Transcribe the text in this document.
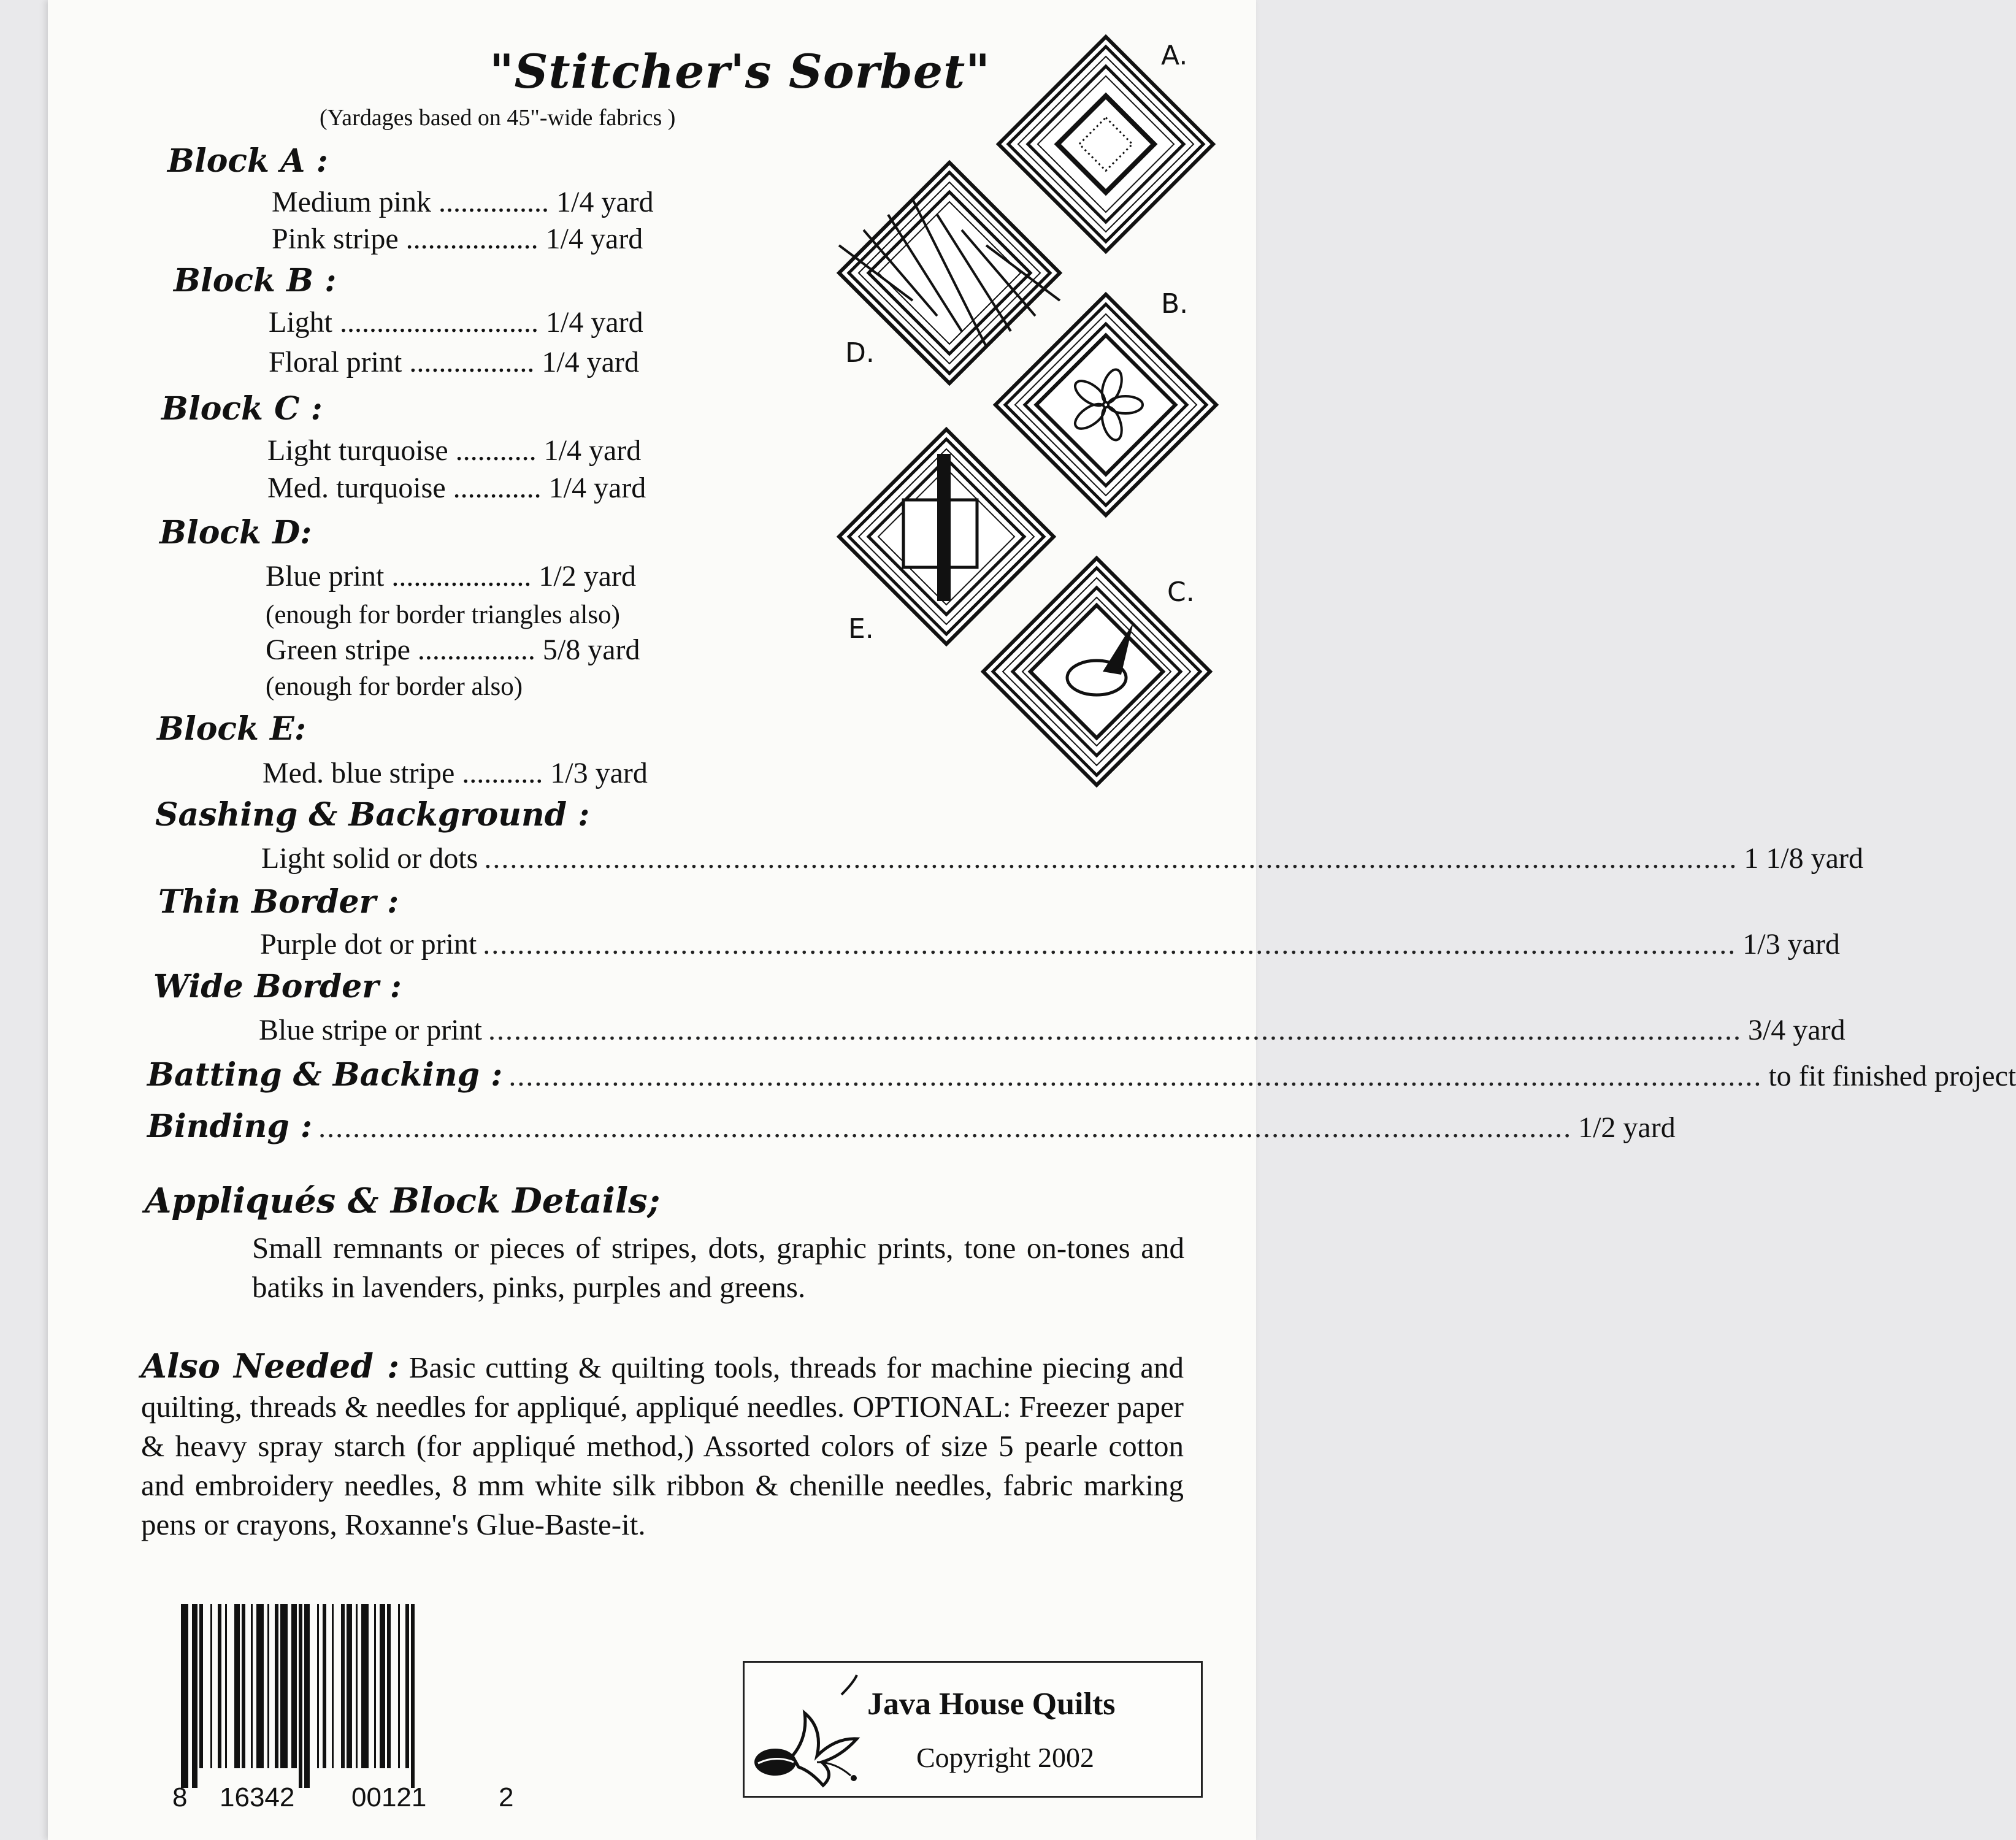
"Stitcher's Sorbet"
(Yardages based on 45"-wide fabrics )
Block A :
Medium pink ............... 1/4 yard
Pink stripe .................. 1/4 yard
Block B :
Light ........................... 1/4 yard
Floral print ................. 1/4 yard
Block C :
Light turquoise ........... 1/4 yard
Med. turquoise ............ 1/4 yard
Block D:
Blue print ................... 1/2 yard
(enough for border triangles also)
Green stripe ................ 5/8 yard
(enough for border also)
Block E:
Med. blue stripe ........... 1/3 yard
Sashing & Background :
Light solid or dots .................................................................................................................................................. 1 1/8 yard
Thin Border :
Purple dot or print .................................................................................................................................................. 1/3 yard
Wide Border :
Blue stripe or print .................................................................................................................................................. 3/4 yard
Batting & Backing : .................................................................................................................................................. to fit finished project
Binding : .................................................................................................................................................. 1/2 yard
Appliqués & Block Details;
Small remnants or pieces of stripes, dots, graphic prints, tone on-tones and batiks in lavenders, pinks, purples and greens.
Also Needed : Basic cutting & quilting tools, threads for machine piecing and quilting, threads & needles for appliqué, appliqué needles. OPTIONAL: Freezer paper & heavy spray starch (for appliqué method,) Assorted colors of size 5 pearle cotton and embroidery needles, 8 mm white silk ribbon & chenille needles, fabric marking pens or crayons, Roxanne's Glue-Baste-it.
A.
B.
C.
D.
E.
8 16342 00121	2
Java House Quilts
Copyright 2002
